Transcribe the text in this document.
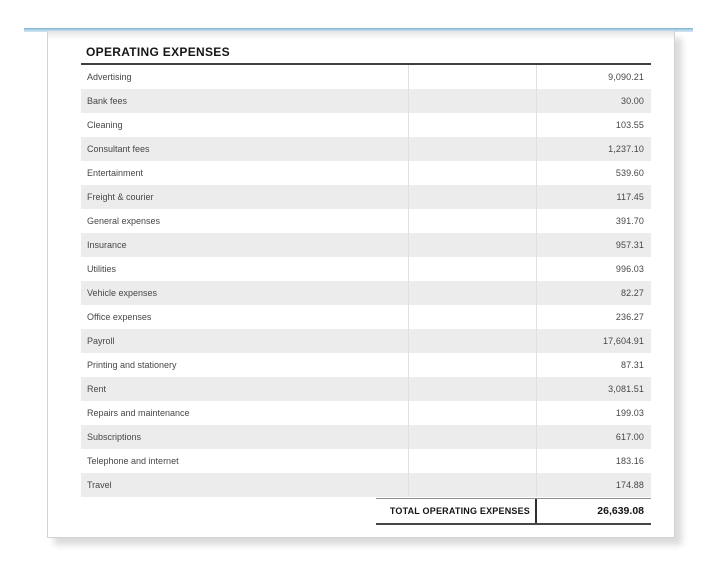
OPERATING EXPENSES
Advertising	9,090.21
Bank fees	30.00
Cleaning	103.55
Consultant fees	1,237.10
Entertainment	539.60
Freight & courier	117.45
General expenses	391.70
Insurance	957.31
Utilities	996.03
Vehicle expenses	82.27
Office expenses	236.27
Payroll	17,604.91
Printing and stationery	87.31
Rent	3,081.51
Repairs and maintenance	199.03
Subscriptions	617.00
Telephone and internet	183.16
Travel	174.88
TOTAL OPERATING EXPENSES	26,639.08
